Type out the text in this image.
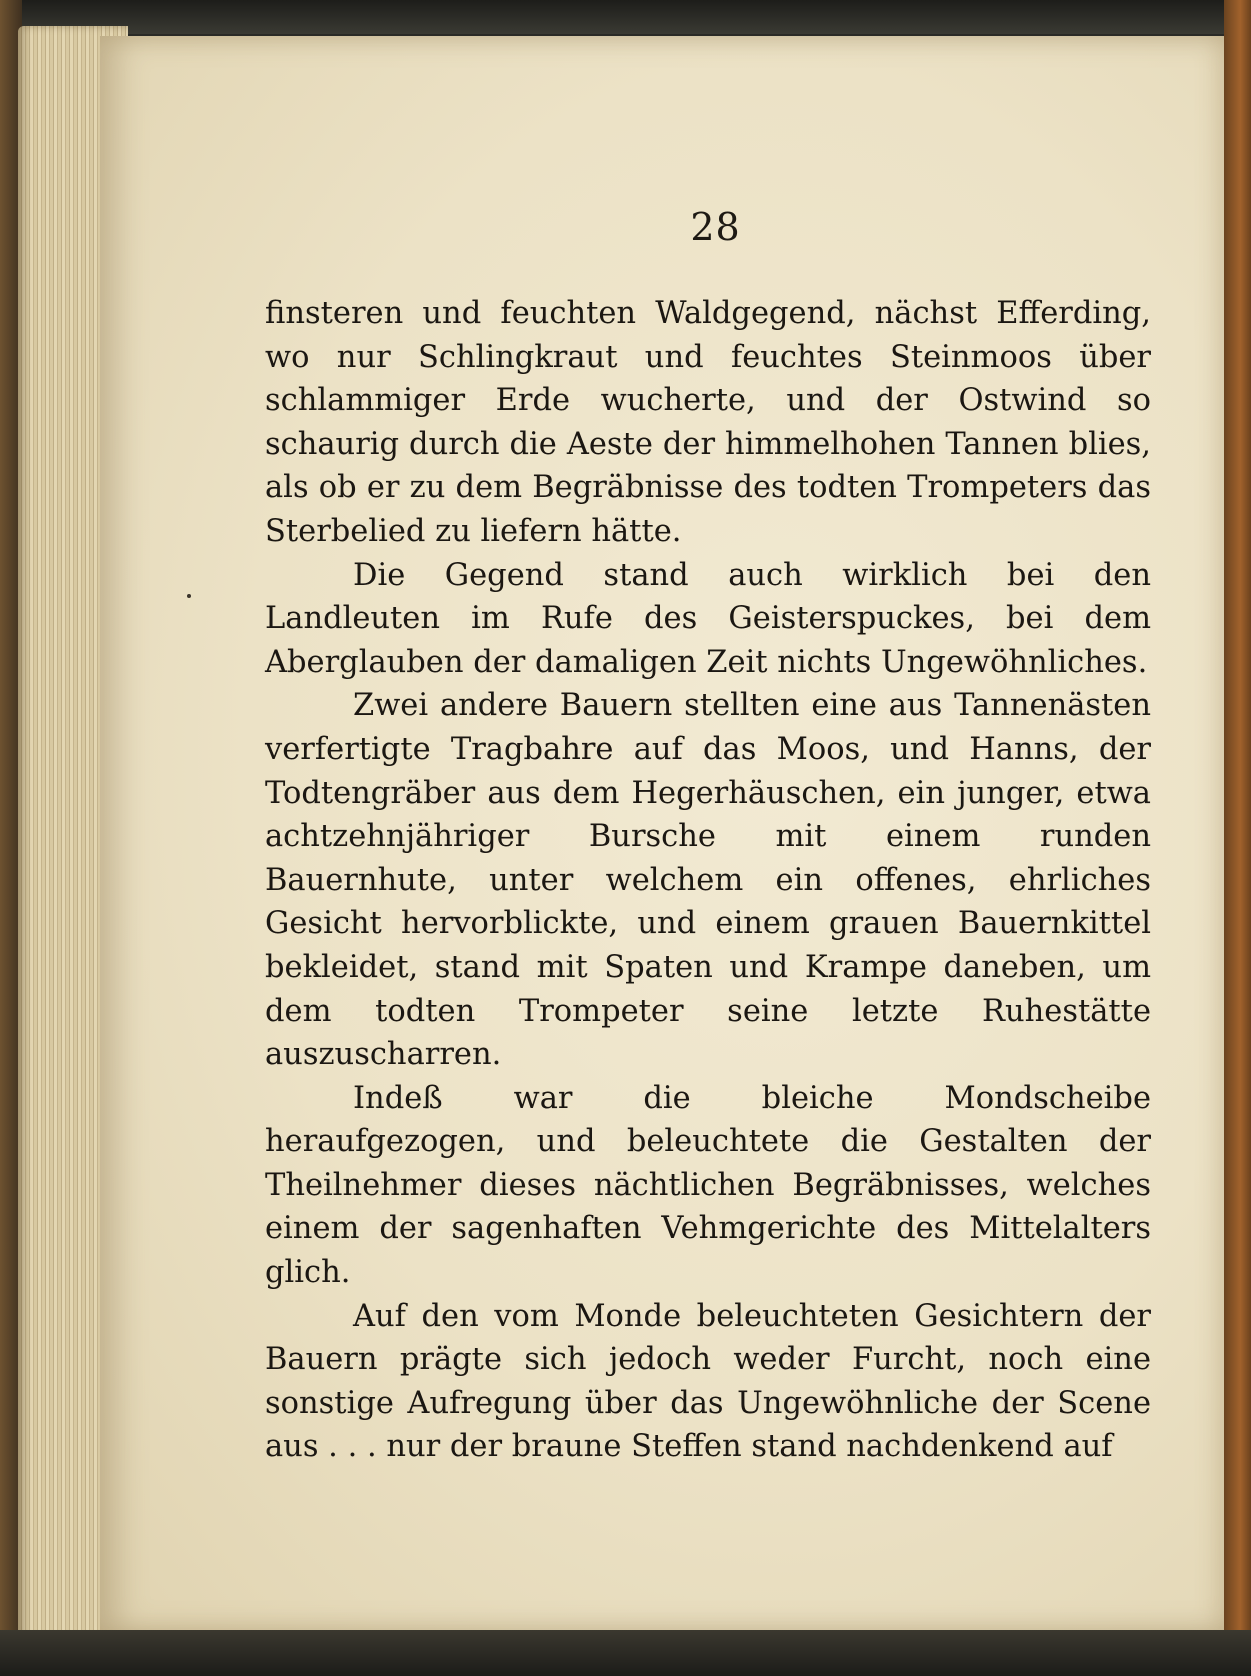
28

finsteren und feuchten Waldgegend, nächst Efferding, wo nur Schlingkraut und feuchtes Steinmoos über schlammiger Erde wucherte, und der Ostwind so schaurig durch die Aeste der himmelhohen Tannen blies, als ob er zu dem Begräbnisse des todten Trompeters das Sterbelied zu liefern hätte.

Die Gegend stand auch wirklich bei den Landleuten im Rufe des Geisterspuckes, bei dem Aberglauben der damaligen Zeit nichts Ungewöhnliches.

Zwei andere Bauern stellten eine aus Tannenästen verfertigte Tragbahre auf das Moos, und Hanns, der Todtengräber aus dem Hegerhäuschen, ein junger, etwa achtzehnjähriger Bursche mit einem runden Bauernhute, unter welchem ein offenes, ehrliches Gesicht hervorblickte, und einem grauen Bauernkittel bekleidet, stand mit Spaten und Krampe daneben, um dem todten Trompeter seine letzte Ruhestätte auszuscharren.

Indeß war die bleiche Mondscheibe heraufgezogen, und beleuchtete die Gestalten der Theilnehmer dieses nächtlichen Begräbnisses, welches einem der sagenhaften Vehmgerichte des Mittelalters glich.

Auf den vom Monde beleuchteten Gesichtern der Bauern prägte sich jedoch weder Furcht, noch eine sonstige Aufregung über das Ungewöhnliche der Scene aus . . . nur der braune Steffen stand nachdenkend auf
